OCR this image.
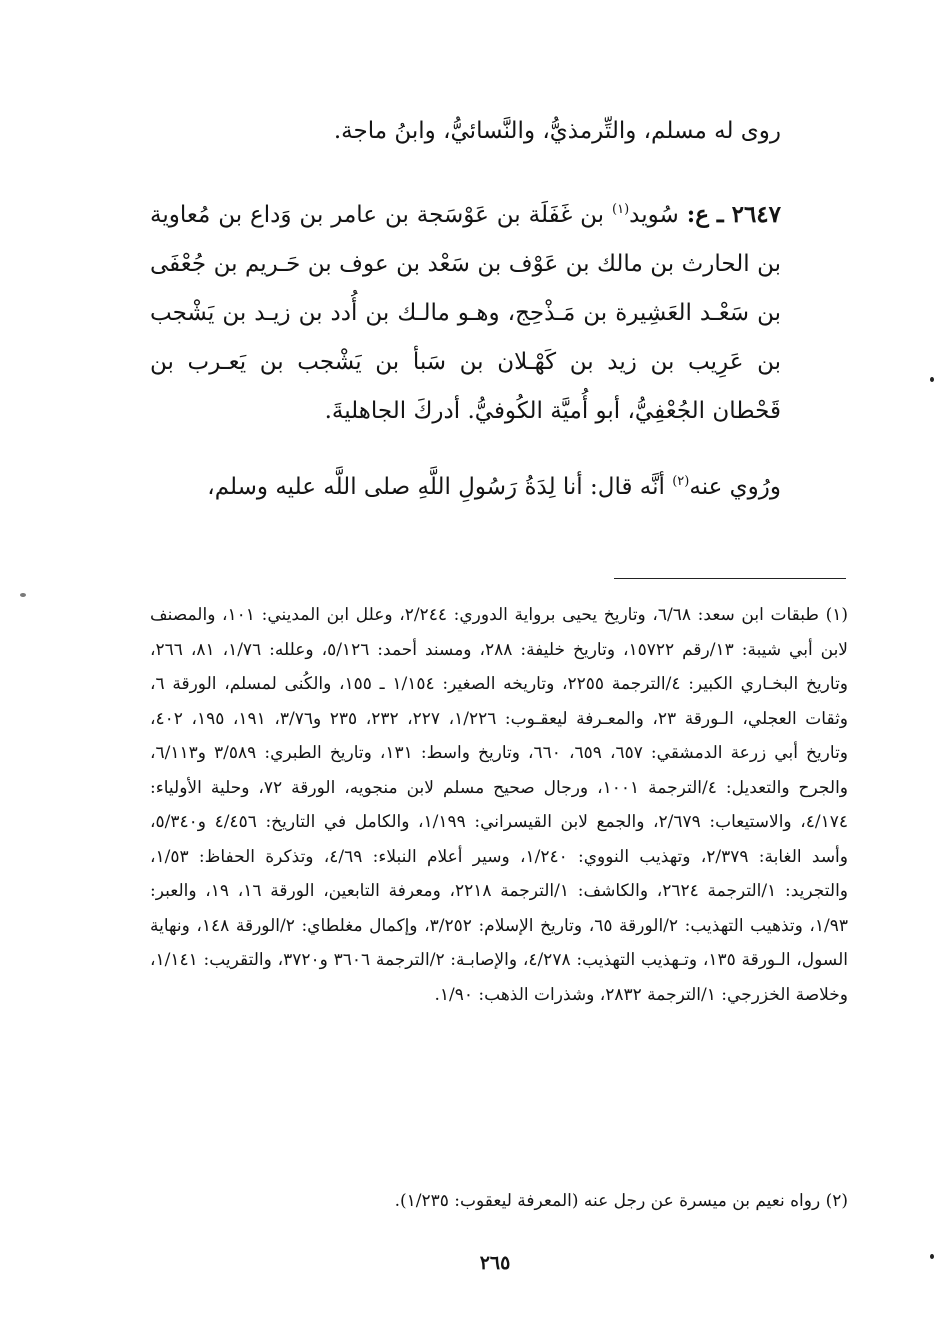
روى له مسلم، والتِّرمذيُّ، والنَّسائيُّ، وابنُ ماجة.

٢٦٤٧ ـ ع: سُويد$^{(١)}$ بن غَفَلَة بن عَوْسَجة بن عامر بن وَداع بن مُعاوية بن الحارث بن مالك بن عَوْف بن سَعْد بن عوف بن حَـريم بن جُعْفَى بن سَعْـد العَشِيرة بن مَـذْحِج، وهـو مالـك بن أُدد بن زيـد بن يَشْجب بن عَرِيب بن زيد بن كَهْـلان بن سَبأ بن يَشْجب بن يَعـرب بن قَحْطان الجُعْفِيُّ، أبو أُميَّة الكُوفيُّ. أدركَ الجاهليةَ.

ورُوي عنه$^{(٢)}$ أنَّه قال: أنا لِدَةُ رَسُولِ اللَّهِ صلى اللَّه عليه وسلم،

(١) طبقات ابن سعد: ٦/٦٨، وتاريخ يحيى برواية الدوري: ٢/٢٤٤، وعلل ابن المديني: ١٠١، والمصنف لابن أبي شيبة: ١٣/رقم ١٥٧٢٢، وتاريخ خليفة: ٢٨٨، ومسند أحمد: ٥/١٢٦، وعلله: ١/٧٦، ٨١، ٢٦٦، وتاريخ البخـاري الكبير: ٤/الترجمة ٢٢٥٥، وتاريخه الصغير: ١/١٥٤ ـ ١٥٥، والكُنى لمسلم، الورقة ٦، وثقات العجلي، الـورقة ٢٣، والمعـرفة ليعقـوب: ١/٢٢٦، ٢٢٧، ٢٣٢، ٢٣٥ و٣/٧٦، ١٩١، ١٩٥، ٤٠٢، وتاريخ أبي زرعة الدمشقي: ٦٥٧، ٦٥٩، ٦٦٠، وتاريخ واسط: ١٣١، وتاريخ الطبري: ٣/٥٨٩ و٦/١١٣، والجرح والتعديل: ٤/الترجمة ١٠٠١، ورجال صحيح مسلم لابن منجويه، الورقة ٧٢، وحلية الأولياء: ٤/١٧٤، والاستيعاب: ٢/٦٧٩، والجمع لابن القيسراني: ١/١٩٩، والكامل في التاريخ: ٤/٤٥٦ و٥/٣٤٠، وأسد الغابة: ٢/٣٧٩، وتهذيب النووي: ١/٢٤٠، وسير أعلام النبلاء: ٤/٦٩، وتذكرة الحفاظ: ١/٥٣، والتجريد: ١/الترجمة ٢٦٢٤، والكاشف: ١/الترجمة ٢٢١٨، ومعرفة التابعين، الورقة ١٦، ١٩، والعبر: ١/٩٣، وتذهيب التهذيب: ٢/الورقة ٦٥، وتاريخ الإسلام: ٣/٢٥٢، وإكمال مغلطاي: ٢/الورقة ١٤٨، ونهاية السول، الـورقة ١٣٥، وتـهذيب التهذيب: ٤/٢٧٨، والإصابـة: ٢/الترجمة ٣٦٠٦ و٣٧٢٠، والتقريب: ١/١٤١، وخلاصة الخزرجي: ١/الترجمة ٢٨٣٢، وشذرات الذهب: ١/٩٠.

(٢) رواه نعيم بن ميسرة عن رجل عنه (المعرفة ليعقوب: ١/٢٣٥).

٢٦٥
